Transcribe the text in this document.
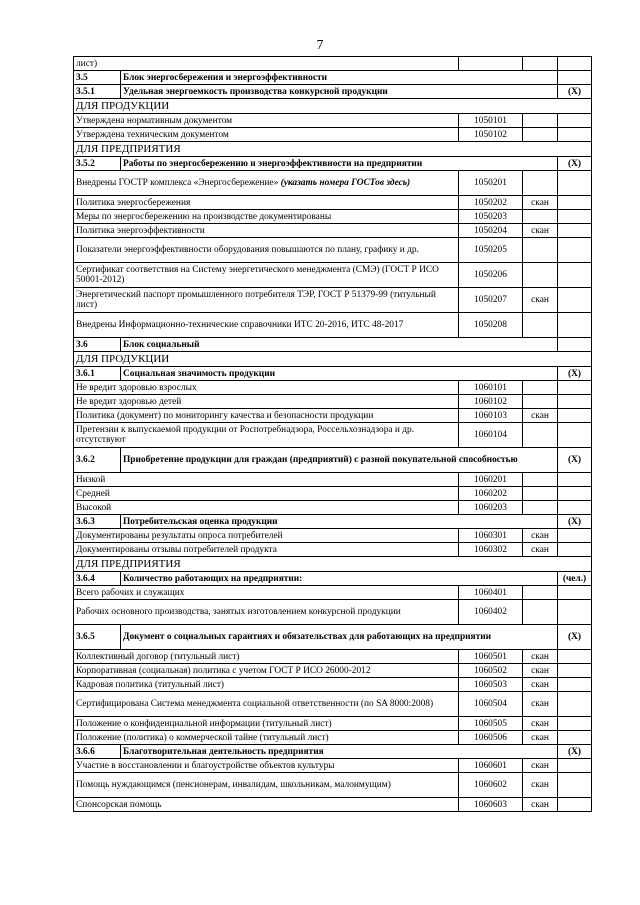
7
лист)				
3.5	Блок энергосбережения и энергоэффективности			
3.5.1	Удельная энергоемкость производства конкурсной продукции			(Х)
ДЛЯ ПРОДУКЦИИ				
Утверждена нормативным документом		1050101		
Утверждена техническим документом		1050102		
ДЛЯ ПРЕДПРИЯТИЯ				
3.5.2	Работы по энергосбережению и энергоэффективности на предприятии			(Х)
Внедрены ГОСТР комплекса «Энергосбережение» (указать номера ГОСТов здесь)		1050201		
Политика энергосбережения		1050202	скан	
Меры по энергосбережению на производстве документированы		1050203		
Политика энергоэффективности		1050204	скан	
Показатели энергоэффективности оборудования повышаются по плану, графику и др.		1050205		
Сертификат соответствия на Систему энергетического менеджмента (СМЭ) (ГОСТ Р ИСО 50001-2012)		1050206		
Энергетический паспорт промышленного потребителя ТЭР, ГОСТ Р 51379-99 (титульный лист)		1050207	скан	
Внедрены Информационно-технические справочники ИТС 20-2016, ИТС 48-2017		1050208		
3.6	Блок социальный			
ДЛЯ ПРОДУКЦИИ				
3.6.1	Социальная значимость продукции			(Х)
Не вредит здоровью взрослых		1060101		
Не вредит здоровью детей		1060102		
Политика (документ) по мониторингу качества и безопасности продукции		1060103	скан	
Претензии к выпускаемой продукции от Роспотребнадзора, Россельхознадзора и др. отсутствуют		1060104		
3.6.2	Приобретение продукции для граждан (предприятий) с разной покупательной способностью			(Х)
Низкой		1060201		
Средней		1060202		
Высокой		1060203		
3.6.3	Потребительская оценка продукции			(Х)
Документированы результаты опроса потребителей		1060301	скан	
Документированы отзывы потребителей продукта		1060302	скан	
ДЛЯ ПРЕДПРИЯТИЯ				
3.6.4	Количество работающих на предприятии:			(чел.)
Всего рабочих и служащих		1060401		
Рабочих основного производства, занятых изготовлением конкурсной продукции		1060402		
3.6.5	Документ о социальных гарантиях и обязательствах для работающих на предприятии			(Х)
Коллективный договор (титульный лист)		1060501	скан	
Корпоративная (социальная) политика с учетом ГОСТ Р ИСО 26000-2012		1060502	скан	
Кадровая политика (титульный лист)		1060503	скан	
Сертифицирована Система менеджмента социальной ответственности (по SA 8000:2008)		1060504	скан	
Положение о конфиденциальной информации (титульный лист)		1060505	скан	
Положение (политика) о коммерческой тайне (титульный лист)		1060506	скан	
3.6.6	Благотворительная деятельность предприятия			(Х)
Участие в восстановлении и благоустройстве объектов культуры		1060601	скан	
Помощь нуждающимся (пенсионерам, инвалидам, школьникам, малоимущим)		1060602	скан	
Спонсорская помощь		1060603	скан	
